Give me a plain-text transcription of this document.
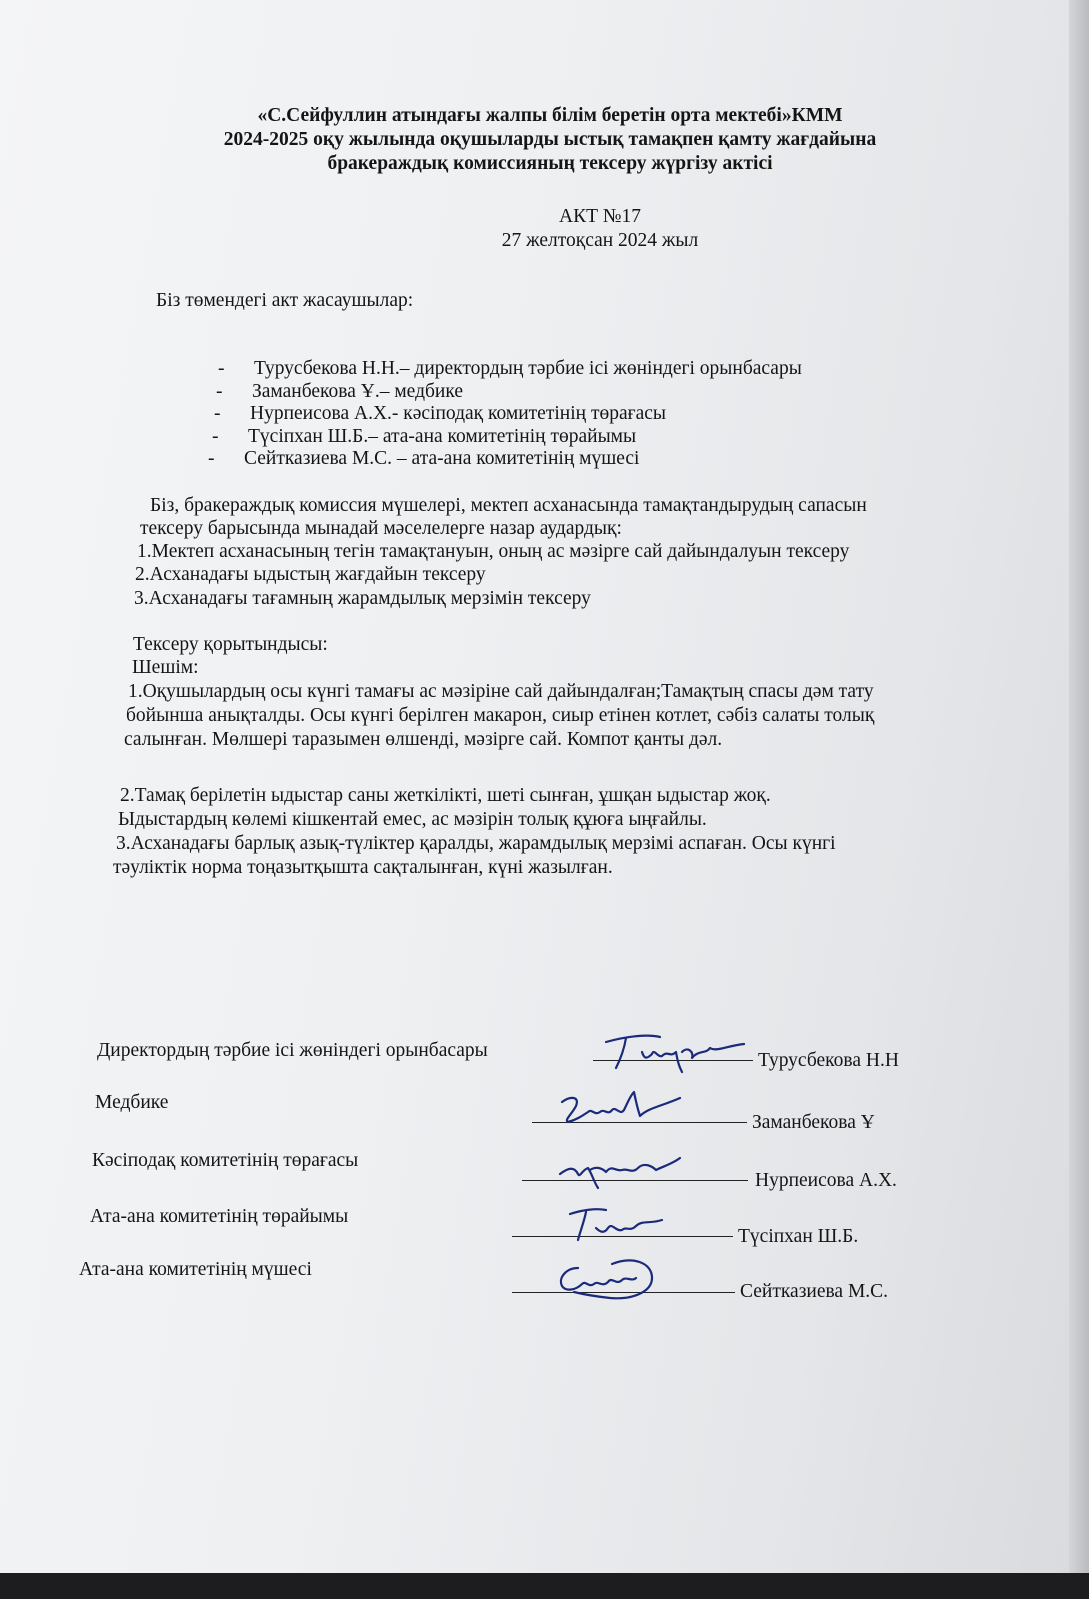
«С.Сейфуллин атындағы жалпы білім беретін орта мектебі»КММ
2024-2025 оқу жылында оқушыларды ыстық тамақпен қамту жағдайына
бракераждық комиссияның тексеру жүргізу актісі
АКТ №17
27 желтоқсан 2024 жыл
Біз төмендегі акт жасаушылар:
- Турусбекова Н.Н.– директордың тәрбие ісі жөніндегі орынбасары
- Заманбекова Ұ.– медбике
- Нурпеисова А.Х.- кәсіподақ комитетінің төрағасы
- Түсіпхан Ш.Б.– ата-ана комитетінің төрайымы
- Сейтказиева М.С. – ата-ана комитетінің мүшесі
Біз, бракераждық комиссия мүшелері, мектеп асханасында тамақтандырудың сапасын
тексеру барысында мынадай мәселелерге назар аудардық:
1.Мектеп асханасының тегін тамақтануын, оның ас мәзірге сай дайындалуын тексеру
2.Асханадағы ыдыстың жағдайын тексеру
3.Асханадағы тағамның жарамдылық мерзімін тексеру
Тексеру қорытындысы:
Шешім:
1.Оқушылардың осы күнгі тамағы ас мәзіріне сай дайындалған;Тамақтың спасы дәм тату
бойынша анықталды. Осы күнгі берілген макарон, сиыр етінен котлет, сәбіз салаты толық
салынған. Мөлшері таразымен өлшенді, мәзірге сай. Компот қанты дәл.
2.Тамақ берілетін ыдыстар саны жеткілікті, шеті сынған, ұшқан ыдыстар жоқ.
Ыдыстардың көлемі кішкентай емес, ас мәзірін толық құюға ыңғайлы.
3.Асханадағы барлық азық-түліктер қаралды, жарамдылық мерзімі аспаған. Осы күнгі
тәуліктік норма тоңазытқышта сақталынған, күні жазылған.
Директордың тәрбие ісі жөніндегі орынбасары	Турусбекова Н.Н
Медбике
Заманбекова Ұ
Кәсіподақ комитетінің төрағасы
Нурпеисова А.Х.
Ата-ана комитетінің төрайымы
Түсіпхан Ш.Б.
Ата-ана комитетінің мүшесі
Сейтказиева М.С.
